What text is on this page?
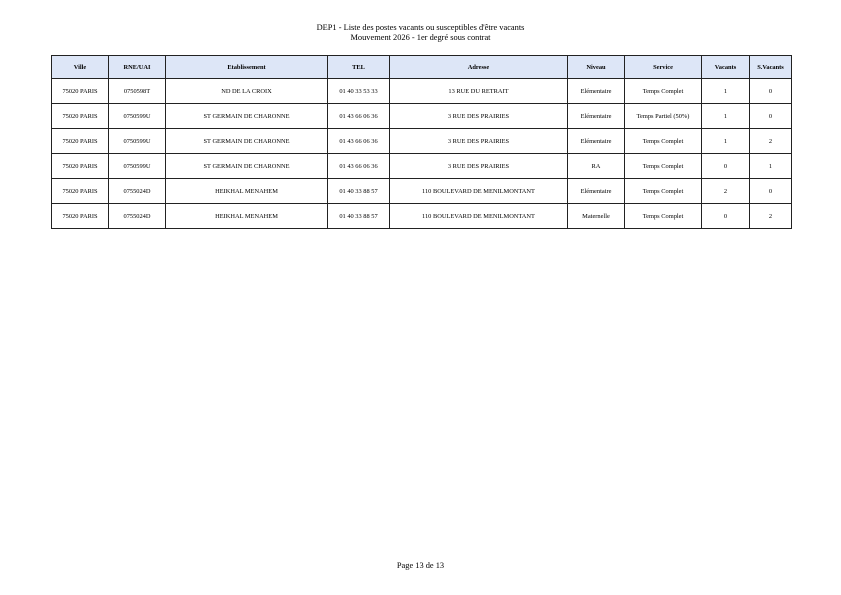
DEP1 - Liste des postes vacants ou susceptibles d'être vacants
Mouvement 2026 - 1er degré sous contrat
Ville	RNE/UAI	Etablissement	TEL	Adresse	Niveau	Service	Vacants	S.Vacants
75020 PARIS	0750598T	ND DE LA CROIX	01 40 33 53 33	13 RUE DU RETRAIT	Elémentaire	Temps Complet	1	0
75020 PARIS	0750599U	ST GERMAIN DE CHARONNE	01 43 66 06 36	3 RUE DES PRAIRIES	Elémentaire	Temps Partiel (50%)	1	0
75020 PARIS	0750599U	ST GERMAIN DE CHARONNE	01 43 66 06 36	3 RUE DES PRAIRIES	Elémentaire	Temps Complet	1	2
75020 PARIS	0750599U	ST GERMAIN DE CHARONNE	01 43 66 06 36	3 RUE DES PRAIRIES	RA	Temps Complet	0	1
75020 PARIS	0755024D	HEIKHAL MENAHEM	01 40 33 88 57	110 BOULEVARD DE MENILMONTANT	Elémentaire	Temps Complet	2	0
75020 PARIS	0755024D	HEIKHAL MENAHEM	01 40 33 88 57	110 BOULEVARD DE MENILMONTANT	Maternelle	Temps Complet	0	2
Page 13 de 13
